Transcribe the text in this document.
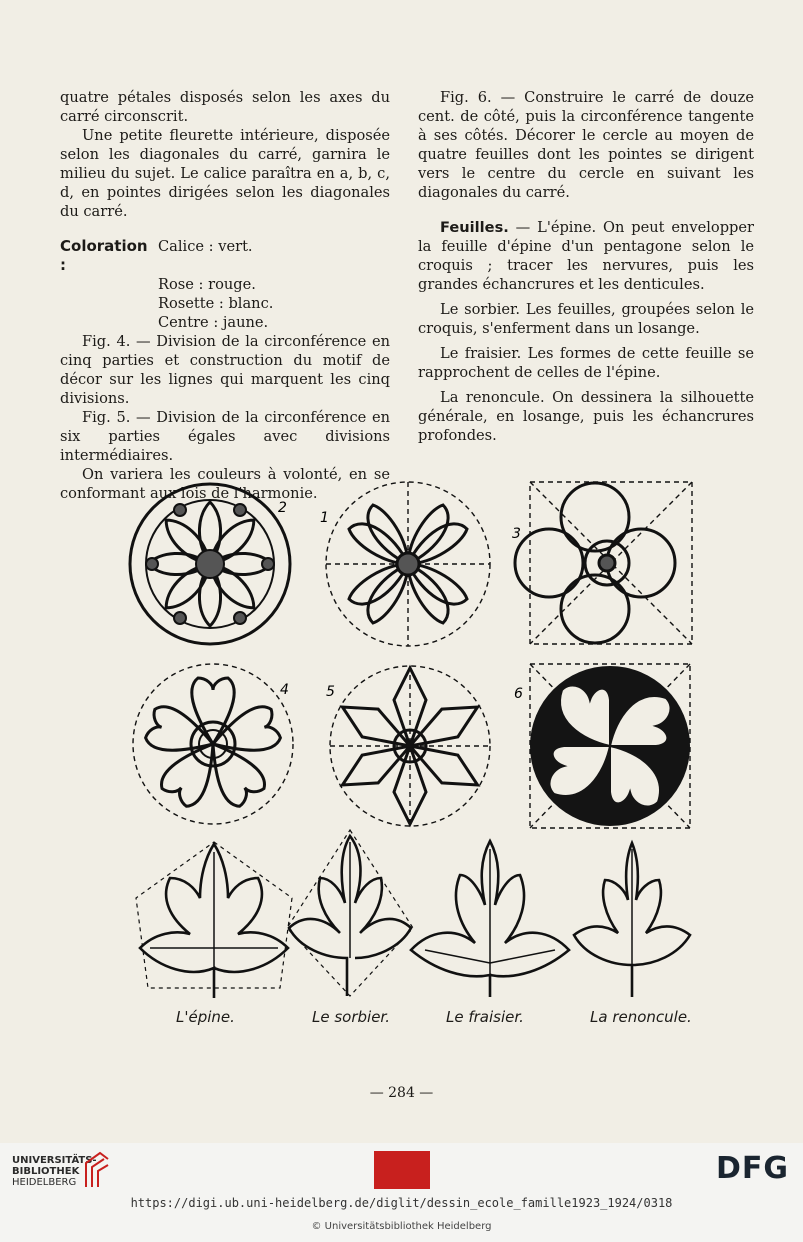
quatre pétales disposés selon les axes du carré circonscrit.

Une petite fleurette intérieure, disposée selon les diagonales du carré, garnira le milieu du sujet. Le calice paraîtra en a, b, c, d, en pointes dirigées selon les diagonales du carré.

Coloration :
Calice : vert.
Rose : rouge.
Rosette : blanc.
Centre : jaune.

Fig. 4. — Division de la circonférence en cinq parties et construction du motif de décor sur les lignes qui marquent les cinq divisions.

Fig. 5. — Division de la circonférence en six parties égales avec divisions intermédiaires.

On variera les couleurs à volonté, en se conformant aux lois de l'harmonie.

Fig. 6. — Construire le carré de douze cent. de côté, puis la circonférence tangente à ses côtés. Décorer le cercle au moyen de quatre feuilles dont les pointes se dirigent vers le centre du cercle en suivant les diagonales du carré.

Feuilles. — L'épine. On peut envelopper la feuille d'épine d'un pentagone selon le croquis ; tracer les nervures, puis les grandes échancrures et les denticules.

Le sorbier. Les feuilles, groupées selon le croquis, s'enferment dans un losange.

Le fraisier. Les formes de cette feuille se rapprochent de celles de l'épine.

La renoncule. On dessinera la silhouette générale, en losange, puis les échancrures profondes.

2
1
3
4	5	6
L'épine.	Le sorbier.	Le fraisier.	La renoncule.
— 284 —
UNIVERSITÄTS-
BIBLIOTHEK
HEIDELBERG	DFG
https://digi.ub.uni-heidelberg.de/diglit/dessin_ecole_famille1923_1924/0318
© Universitätsbibliothek Heidelberg
